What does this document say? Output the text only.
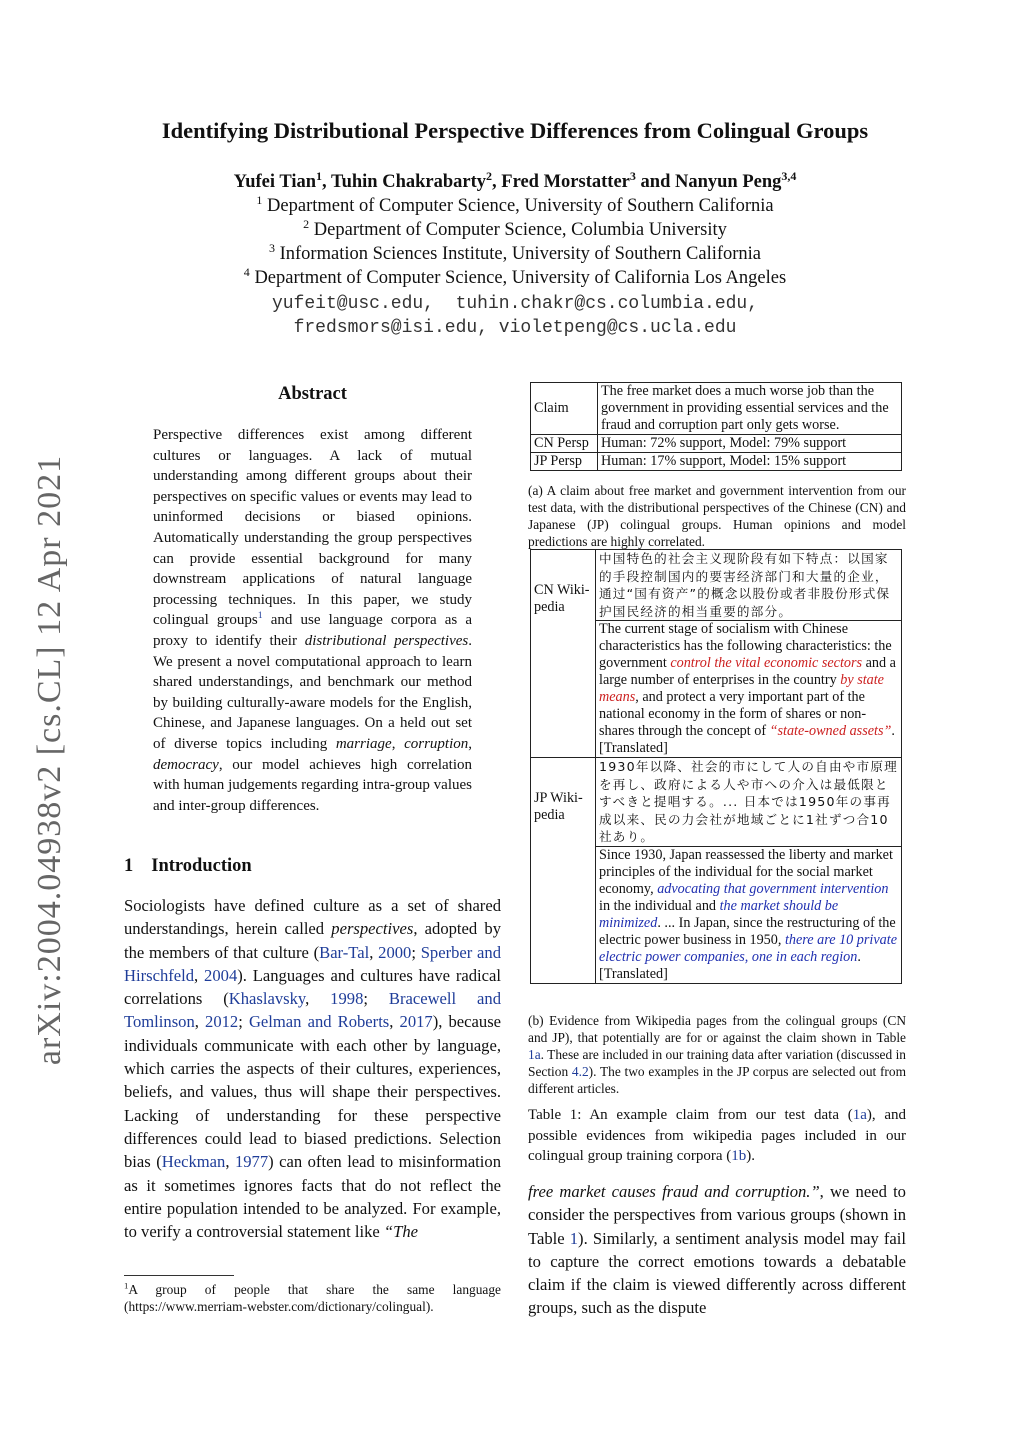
arXiv:2004.04938v2 [cs.CL] 12 Apr 2021
Identifying Distributional Perspective Differences from Colingual Groups
Yufei Tian$^1$, Tuhin Chakrabarty$^2$, Fred Morstatter$^3$ and Nanyun Peng$^{3,4}$
$^1$ Department of Computer Science, University of Southern California
$^2$ Department of Computer Science, Columbia University
$^3$ Information Sciences Institute, University of Southern California
$^4$ Department of Computer Science, University of California Los Angeles
yufeit@usc.edu,  tuhin.chakr@cs.columbia.edu,
fredsmors@isi.edu, violetpeng@cs.ucla.edu
Abstract
Perspective differences exist among different cultures or languages. A lack of mutual understanding among different groups about their perspectives on specific values or events may lead to uninformed decisions or biased opinions. Automatically understanding the group perspectives can provide essential background for many downstream applications of natural language processing techniques. In this paper, we study colingual groups$^1$ and use language corpora as a proxy to identify their distributional perspectives. We present a novel computational approach to learn shared understandings, and benchmark our method by building culturally-aware models for the English, Chinese, and Japanese languages. On a held out set of diverse topics including marriage, corruption, democracy, our model achieves high correlation with human judgements regarding intra-group values and inter-group differences.
1 Introduction
Sociologists have defined culture as a set of shared understandings, herein called perspectives, adopted by the members of that culture (Bar-Tal, 2000; Sperber and Hirschfeld, 2004). Languages and cultures have radical correlations (Khaslavsky, 1998; Bracewell and Tomlinson, 2012; Gelman and Roberts, 2017), because individuals communicate with each other by language, which carries the aspects of their cultures, experiences, beliefs, and values, thus will shape their perspectives. Lacking of understanding for these perspective differences could lead to biased predictions. Selection bias (Heckman, 1977) can often lead to misinformation as it sometimes ignores facts that do not reflect the entire population intended to be analyzed. For example, to verify a controversial statement like “The
$^1$A group of people that share the same language (https://www.merriam-webster.com/dictionary/colingual).
Claim	The free market does a much worse job than the government in providing essential services and the fraud and corruption part only gets worse.
CN Persp	Human: 72% support, Model: 79% support
JP Persp	Human: 17% support, Model: 15% support
(a) A claim about free market and government intervention from our test data, with the distributional perspectives of the Chinese (CN) and Japanese (JP) colingual groups. Human opinions and model predictions are highly correlated.
CN Wiki- pedia	中国特色的社会主义现阶段有如下特点：以国家的手段控制国内的要害经济部门和大量的企业，通过“国有资产”的概念以股份或者非股份形式保护国民经济的相当重要的部分。
	The current stage of socialism with Chinese characteristics has the following characteristics: the government control the vital economic sectors and a large number of enterprises in the country by state means, and protect a very important part of the national economy in the form of shares or non-shares through the concept of “state-owned assets”. [Translated]
JP Wiki- pedia	1930年以降、社会的市にして人の自由や市原理を再し、政府による人や市への介入は最低限とすべきと提唱する。... 日本では1950年の事再成以来、民の力会社が地域ごとに1社ずつ合10社あり。
	Since 1930, Japan reassessed the liberty and market principles of the individual for the social market economy, advocating that government intervention in the individual and the market should be minimized. ... In Japan, since the restructuring of the electric power business in 1950, there are 10 private electric power companies, one in each region. [Translated]
(b) Evidence from Wikipedia pages from the colingual groups (CN and JP), that potentially are for or against the claim shown in Table 1a. These are included in our training data after variation (discussed in Section 4.2). The two examples in the JP corpus are selected out from different articles.
Table 1: An example claim from our test data (1a), and possible evidences from wikipedia pages included in our colingual group training corpora (1b).
free market causes fraud and corruption.”, we need to consider the perspectives from various groups (shown in Table 1). Similarly, a sentiment analysis model may fail to capture the correct emotions towards a debatable claim if the claim is viewed differently across different groups, such as the dispute
